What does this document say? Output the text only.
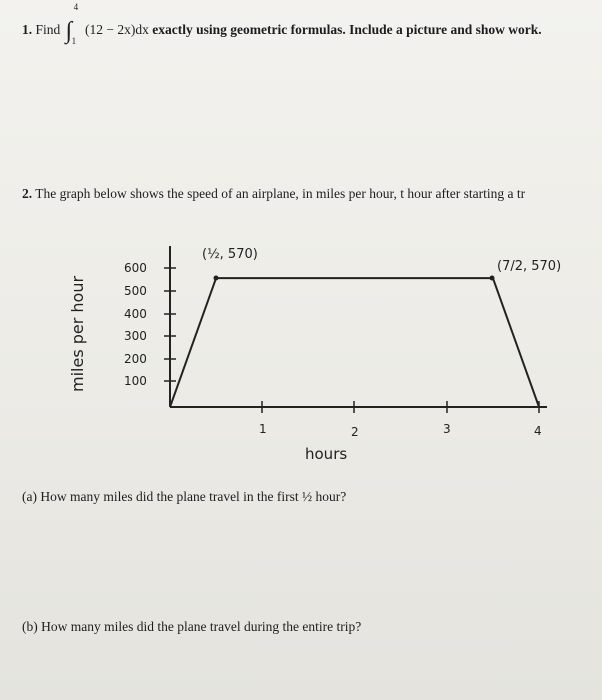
1. Find ∫
4
1
(12 − 2x)dx exactly using geometric formulas. Include a picture and show work.
2. The graph below shows the speed of an airplane, in miles per hour, t hour after starting a tr
miles per hour
600
500
400
300
200
100
1	2	3	4
hours
(½, 570)
(7/2, 570)
(a) How many miles did the plane travel in the first ½ hour?
(b) How many miles did the plane travel during the entire trip?
